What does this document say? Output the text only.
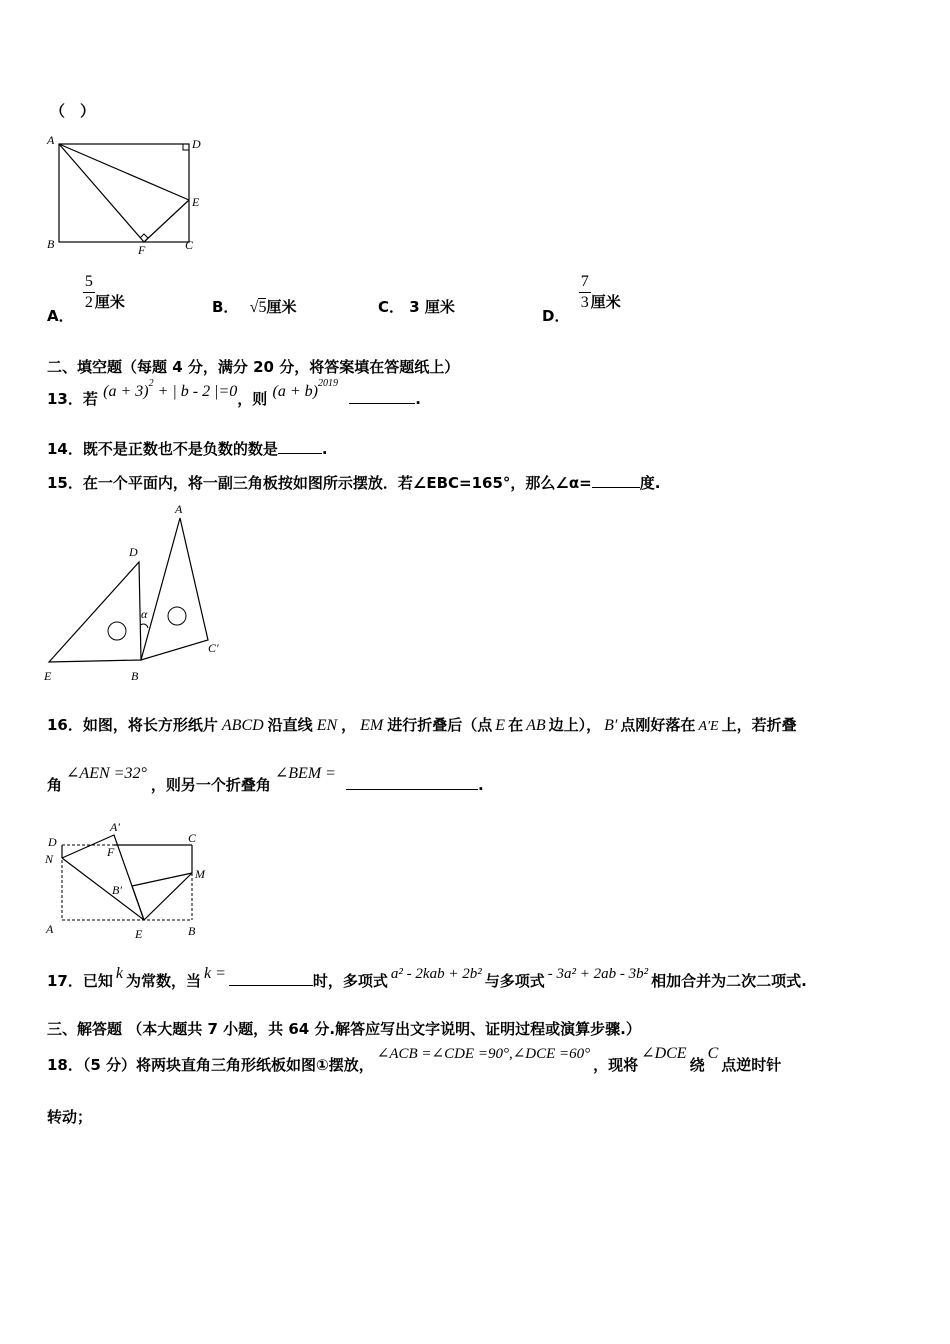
（　）
A	D
E
B	F	C
A．
$\frac{5}{2}$ 厘米	B． √5厘米	C． 3 厘米	D．
$\frac{7}{3}$ 厘米
二、填空题（每题 4 分，满分 20 分，将答案填在答题纸上）
13．若 $(a + 3)^2$ + | b - 2 |=0，则 $(a + b)^{2019}$ .
14．既不是正数也不是负数的数是	.
15．在一个平面内，将一副三角板按如图所示摆放．若∠EBC=165°，那么∠α=	度.
A
D
α
E	B
C′
16．如图，将长方形纸片 ABCD 沿直线 EN ， EM 进行折叠后（点 E 在 AB 边上）， B′ 点刚好落在 A′E 上，若折叠
角∠AEN =32°，则另一个折叠角∠BEM =.
D
A′
C
N	F
M
B′
A	E	B
17．已知 k 为常数，当 k =	时，多项式 a² - 2kab + 2b² 与多项式 - 3a² + 2ab - 3b² 相加合并为二次二项式.
三、解答题 （本大题共 7 小题，共 64 分.解答应写出文字说明、证明过程或演算步骤.）
18．（5 分）将两块直角三角形纸板如图①摆放，∠ACB =∠CDE =90°,∠DCE =60°，现将∠DCE绕C点逆时针
转动；
